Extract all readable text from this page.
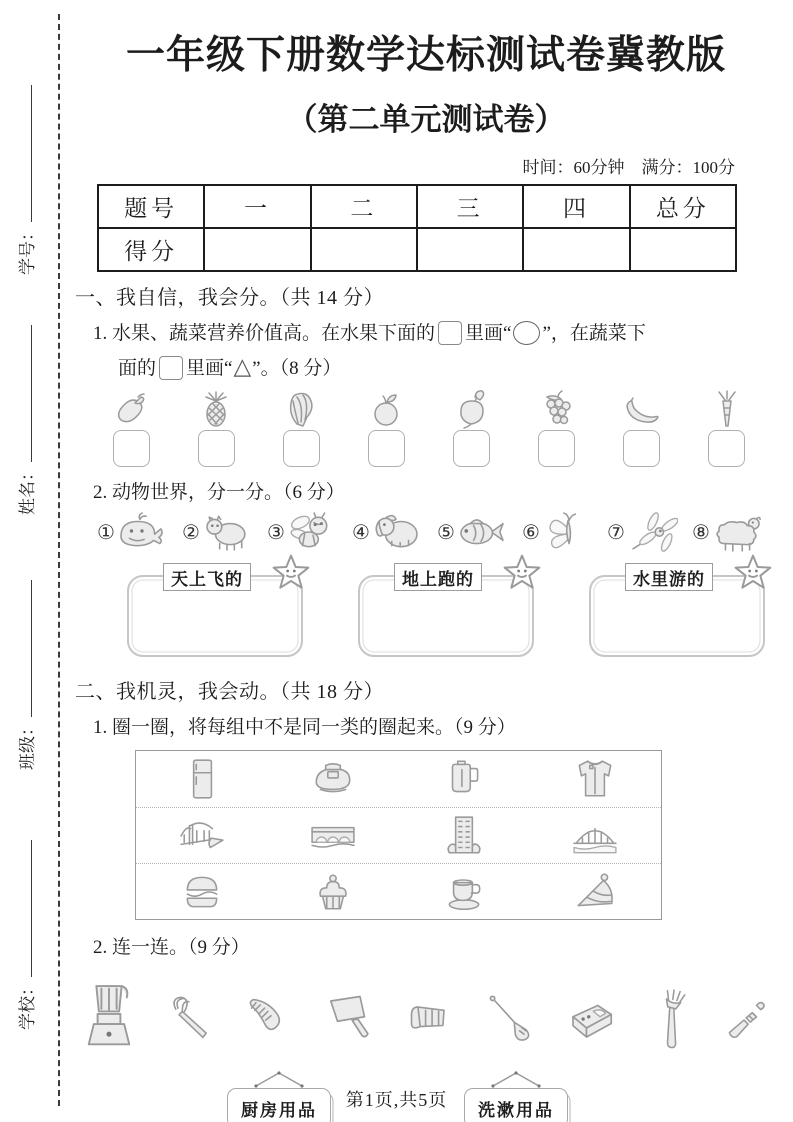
学号：
姓名：
班级：
学校：
一年级下册数学达标测试卷冀教版
（第二单元测试卷）
时间：60分钟　满分：100分
题号	一	二	三	四	总分
得分					
一、我自信，我会分。（共 14 分）
1. 水果、蔬菜营养价值高。在水果下面的 里画“ ”，在蔬菜下
面的 里画“△”。（8 分）
2. 动物世界，分一分。（6 分）
①	②	③	④	⑤	⑥	⑦	⑧
天上飞的	地上跑的	水里游的
二、我机灵，我会动。（共 18 分）
1. 圈一圈，将每组中不是同一类的圈起来。（9 分）
2. 连一连。（9 分）
厨房用品	洗漱用品
第1页,共5页
